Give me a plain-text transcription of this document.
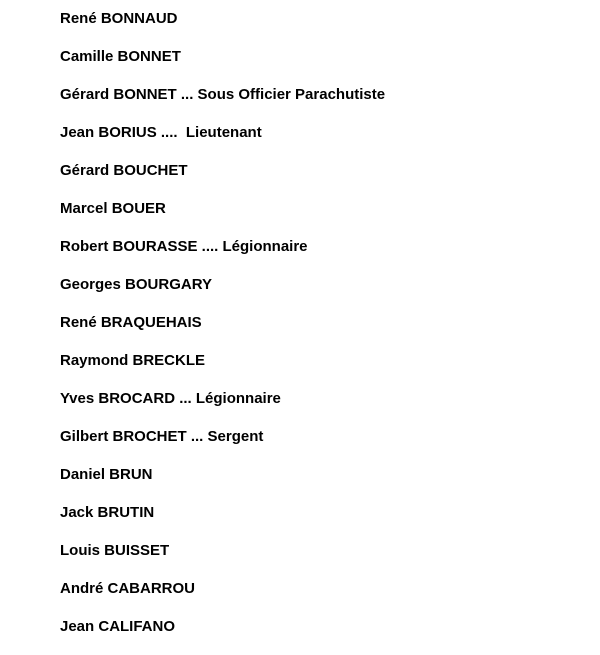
René BONNAUD
Camille BONNET
Gérard BONNET ... Sous Officier Parachutiste
Jean BORIUS ....  Lieutenant
Gérard BOUCHET
Marcel BOUER
Robert BOURASSE .... Légionnaire
Georges BOURGARY
René BRAQUEHAIS
Raymond BRECKLE
Yves BROCARD ... Légionnaire
Gilbert BROCHET ... Sergent
Daniel BRUN
Jack BRUTIN
Louis BUISSET
André CABARROU
Jean CALIFANO
